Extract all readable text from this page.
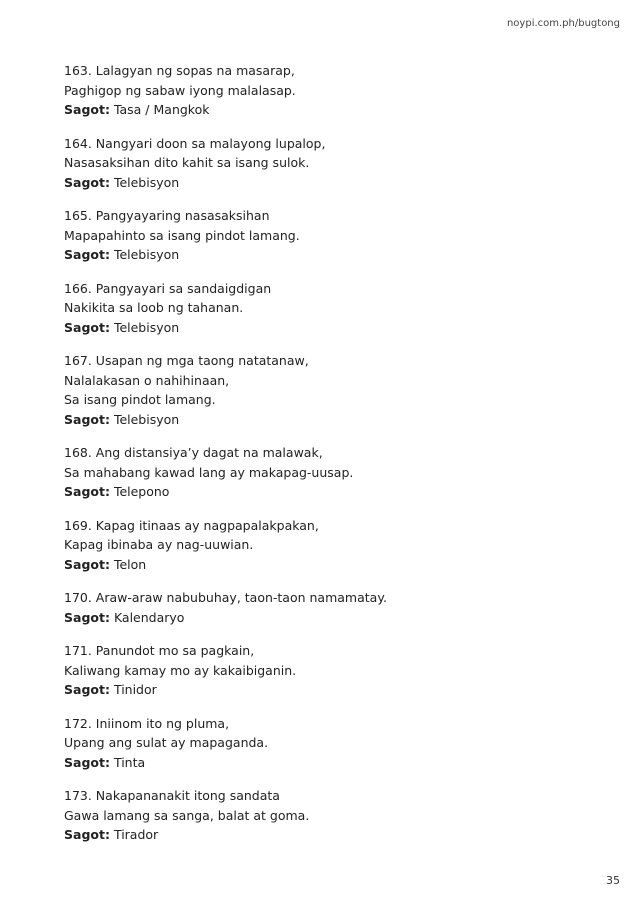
noypi.com.ph/bugtong
163. Lalagyan ng sopas na masarap,
Paghigop ng sabaw iyong malalasap.
Sagot: Tasa / Mangkok
164. Nangyari doon sa malayong lupalop,
Nasasaksihan dito kahit sa isang sulok.
Sagot: Telebisyon
165. Pangyayaring nasasaksihan
Mapapahinto sa isang pindot lamang.
Sagot: Telebisyon
166. Pangyayari sa sandaigdigan
Nakikita sa loob ng tahanan.
Sagot: Telebisyon
167. Usapan ng mga taong natatanaw,
Nalalakasan o nahihinaan,
Sa isang pindot lamang.
Sagot: Telebisyon
168. Ang distansiya’y dagat na malawak,
Sa mahabang kawad lang ay makapag-uusap.
Sagot: Telepono
169. Kapag itinaas ay nagpapalakpakan,
Kapag ibinaba ay nag-uuwian.
Sagot: Telon
170. Araw-araw nabubuhay, taon-taon namamatay.
Sagot: Kalendaryo
171. Panundot mo sa pagkain,
Kaliwang kamay mo ay kakaibiganin.
Sagot: Tinidor
172. Iniinom ito ng pluma,
Upang ang sulat ay mapaganda.
Sagot: Tinta
173. Nakapananakit itong sandata
Gawa lamang sa sanga, balat at goma.
Sagot: Tirador
35
